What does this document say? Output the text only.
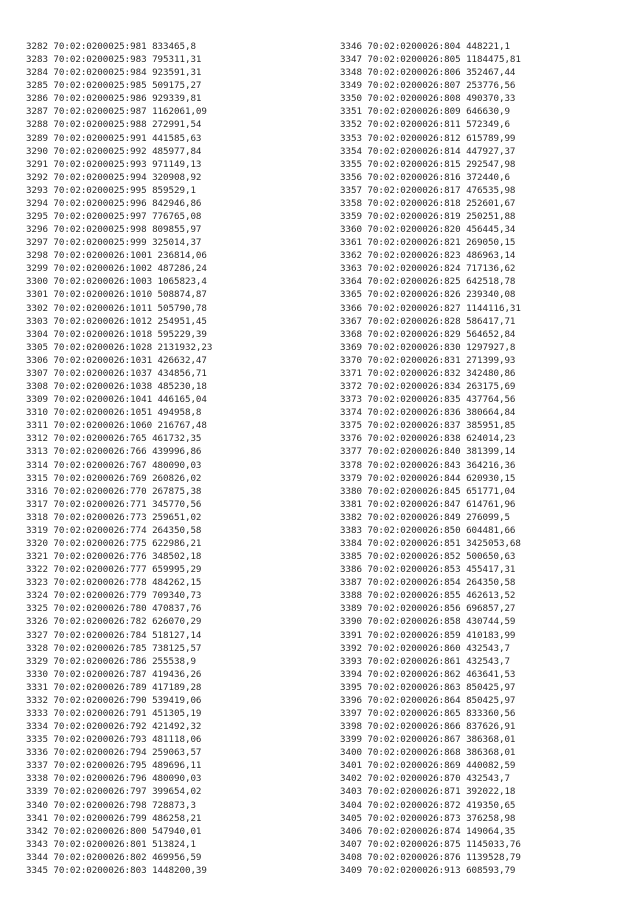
3282 70:02:0200025:981 833465,8
3283 70:02:0200025:983 795311,31
3284 70:02:0200025:984 923591,31
3285 70:02:0200025:985 509175,27
3286 70:02:0200025:986 929339,81
3287 70:02:0200025:987 1162061,09
3288 70:02:0200025:988 272991,54
3289 70:02:0200025:991 441585,63
3290 70:02:0200025:992 485977,84
3291 70:02:0200025:993 971149,13
3292 70:02:0200025:994 320908,92
3293 70:02:0200025:995 859529,1
3294 70:02:0200025:996 842946,86
3295 70:02:0200025:997 776765,08
3296 70:02:0200025:998 809855,97
3297 70:02:0200025:999 325014,37
3298 70:02:0200026:1001 236814,06
3299 70:02:0200026:1002 487286,24
3300 70:02:0200026:1003 1065823,4
3301 70:02:0200026:1010 508874,87
3302 70:02:0200026:1011 505790,78
3303 70:02:0200026:1012 254951,45
3304 70:02:0200026:1018 595229,39
3305 70:02:0200026:1028 2131932,23
3306 70:02:0200026:1031 426632,47
3307 70:02:0200026:1037 434856,71
3308 70:02:0200026:1038 485230,18
3309 70:02:0200026:1041 446165,04
3310 70:02:0200026:1051 494958,8
3311 70:02:0200026:1060 216767,48
3312 70:02:0200026:765 461732,35
3313 70:02:0200026:766 439996,86
3314 70:02:0200026:767 480090,03
3315 70:02:0200026:769 260826,02
3316 70:02:0200026:770 267875,38
3317 70:02:0200026:771 345770,56
3318 70:02:0200026:773 259651,02
3319 70:02:0200026:774 264350,58
3320 70:02:0200026:775 622986,21
3321 70:02:0200026:776 348502,18
3322 70:02:0200026:777 659995,29
3323 70:02:0200026:778 484262,15
3324 70:02:0200026:779 709340,73
3325 70:02:0200026:780 470837,76
3326 70:02:0200026:782 626070,29
3327 70:02:0200026:784 518127,14
3328 70:02:0200026:785 738125,57
3329 70:02:0200026:786 255538,9
3330 70:02:0200026:787 419436,26
3331 70:02:0200026:789 417189,28
3332 70:02:0200026:790 539419,06
3333 70:02:0200026:791 451305,19
3334 70:02:0200026:792 421492,32
3335 70:02:0200026:793 481118,06
3336 70:02:0200026:794 259063,57
3337 70:02:0200026:795 489696,11
3338 70:02:0200026:796 480090,03
3339 70:02:0200026:797 399654,02
3340 70:02:0200026:798 728873,3
3341 70:02:0200026:799 486258,21
3342 70:02:0200026:800 547940,01
3343 70:02:0200026:801 513824,1
3344 70:02:0200026:802 469956,59
3345 70:02:0200026:803 1448200,39
3346 70:02:0200026:804 448221,1
3347 70:02:0200026:805 1184475,81
3348 70:02:0200026:806 352467,44
3349 70:02:0200026:807 253776,56
3350 70:02:0200026:808 490370,33
3351 70:02:0200026:809 646630,9
3352 70:02:0200026:811 572349,6
3353 70:02:0200026:812 615789,99
3354 70:02:0200026:814 447927,37
3355 70:02:0200026:815 292547,98
3356 70:02:0200026:816 372440,6
3357 70:02:0200026:817 476535,98
3358 70:02:0200026:818 252601,67
3359 70:02:0200026:819 250251,88
3360 70:02:0200026:820 456445,34
3361 70:02:0200026:821 269050,15
3362 70:02:0200026:823 486963,14
3363 70:02:0200026:824 717136,62
3364 70:02:0200026:825 642518,78
3365 70:02:0200026:826 239340,08
3366 70:02:0200026:827 1144116,31
3367 70:02:0200026:828 586417,71
3368 70:02:0200026:829 564652,84
3369 70:02:0200026:830 1297927,8
3370 70:02:0200026:831 271399,93
3371 70:02:0200026:832 342480,86
3372 70:02:0200026:834 263175,69
3373 70:02:0200026:835 437764,56
3374 70:02:0200026:836 380664,84
3375 70:02:0200026:837 385951,85
3376 70:02:0200026:838 624014,23
3377 70:02:0200026:840 381399,14
3378 70:02:0200026:843 364216,36
3379 70:02:0200026:844 620930,15
3380 70:02:0200026:845 651771,04
3381 70:02:0200026:847 614761,96
3382 70:02:0200026:849 276099,5
3383 70:02:0200026:850 604481,66
3384 70:02:0200026:851 3425053,68
3385 70:02:0200026:852 500650,63
3386 70:02:0200026:853 455417,31
3387 70:02:0200026:854 264350,58
3388 70:02:0200026:855 462613,52
3389 70:02:0200026:856 696857,27
3390 70:02:0200026:858 430744,59
3391 70:02:0200026:859 410183,99
3392 70:02:0200026:860 432543,7
3393 70:02:0200026:861 432543,7
3394 70:02:0200026:862 463641,53
3395 70:02:0200026:863 850425,97
3396 70:02:0200026:864 850425,97
3397 70:02:0200026:865 833360,56
3398 70:02:0200026:866 837626,91
3399 70:02:0200026:867 386368,01
3400 70:02:0200026:868 386368,01
3401 70:02:0200026:869 440082,59
3402 70:02:0200026:870 432543,7
3403 70:02:0200026:871 392022,18
3404 70:02:0200026:872 419350,65
3405 70:02:0200026:873 376258,98
3406 70:02:0200026:874 149064,35
3407 70:02:0200026:875 1145033,76
3408 70:02:0200026:876 1139528,79
3409 70:02:0200026:913 608593,79
